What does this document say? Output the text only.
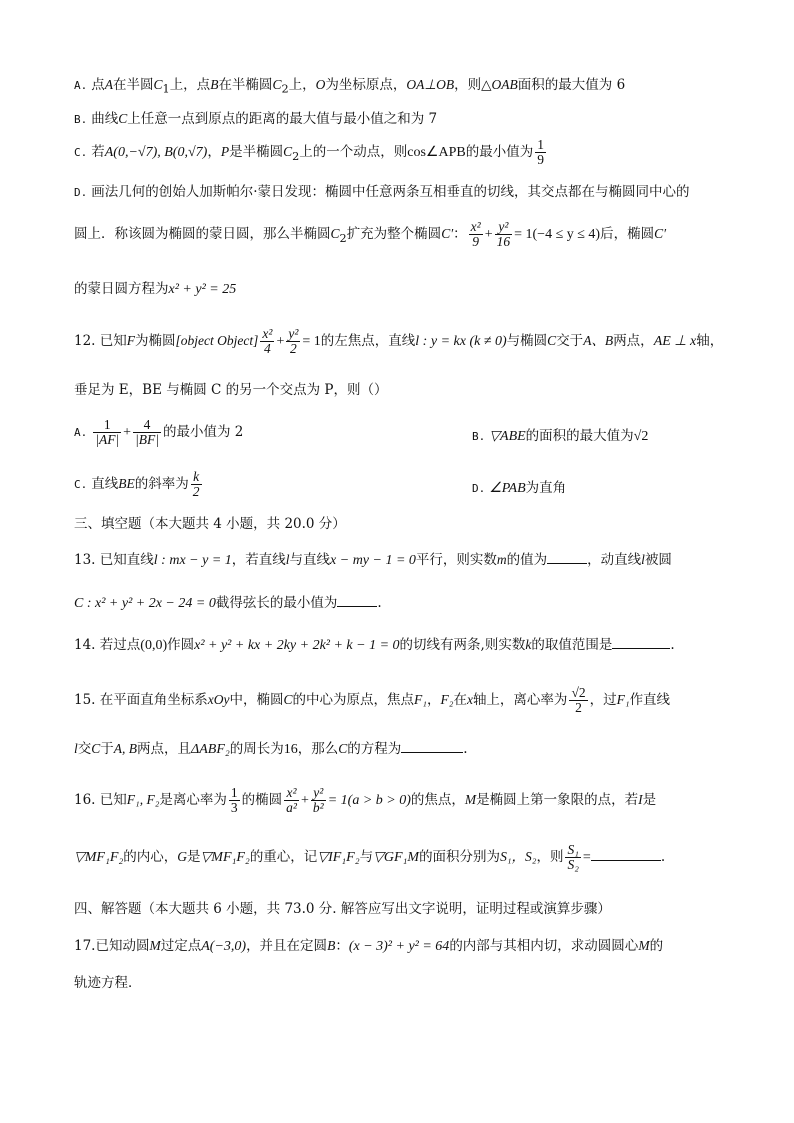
A. 点A在半圆$C_1$上，点B在半椭圆$C_2$上，O为坐标原点，OA⊥OB，则△OAB面积的最大值为 6
B. 曲线C上任意一点到原点的距离的最大值与最小值之和为 7
C. 若A(0,−√7), B(0,√7)，P是半椭圆$C_2$上的一个动点，则cos∠APB的最小值为 $\frac{1}{9}$
D. 画法几何的创始人加斯帕尔·蒙日发现：椭圆中任意两条互相垂直的切线，其交点都在与椭圆同中心的
圆上．称该圆为椭圆的蒙日圆，那么半椭圆$C_2$扩充为整个椭圆C′： $\frac{\text{x²}}{9} + \frac{\text{y²}}{16} = 1(-4 \le y \le 4)$后，椭圆C′
的蒙日圆方程为x² + y² = 25
12. 已知F为椭圆[object Object] $\frac{\text{x²}}{4} + \frac{\text{y²}}{2} = 1$的左焦点，直线l : y = kx (k ≠ 0)与椭圆C交于A、B两点，AE ⊥ x轴，
垂足为 E，BE 与椭圆 C 的另一个交点为 P，则（）
A. $\frac{1}{|AF|} + \frac{4}{|BF|}$ 的最小值为 2	B. ▽ABE的面积的最大值为√2
C. 直线BE的斜率为 $\frac{k}{2}$	D. ∠PAB为直角
三、填空题（本大题共 4 小题，共 20.0 分）
13. 已知直线l : mx − y = 1，若直线l与直线x − my − 1 = 0平行，则实数m的值为	，动直线l被圆
C : x² + y² + 2x − 24 = 0截得弦长的最小值为	.
14. 若过点(0,0)作圆x² + y² + kx + 2ky + 2k² + k − 1 = 0的切线有两条,则实数k的取值范围是	.
15. 在平面直角坐标系xOy中，椭圆C的中心为原点，焦点F₁，F₂在x轴上，离心率为 $\frac{√2}{2}$ ，过F₁作直线
l交C于A, B两点，且ΔABF₂的周长为16，那么C的方程为	.
16. 已知F₁, F₂是离心率为 $\frac{1}{3}$ 的椭圆 $\frac{\text{x²}}{\text{a²}} + \frac{\text{y²}}{\text{b²}} = 1(a > b > 0)$的焦点，M是椭圆上第一象限的点，若I是
▽MF₁F₂的内心，G是▽MF₁F₂的重心，记▽IF₁F₂与▽GF₁M的面积分别为S₁，S₂，则 $\frac{\text{S₁}}{\text{S₂}}$ =	.
四、解答题（本大题共 6 小题，共 73.0 分. 解答应写出文字说明，证明过程或演算步骤）
17.已知动圆M过定点A(−3,0)，并且在定圆B：(x − 3)² + y² = 64的内部与其相内切，求动圆圆心M的
轨迹方程．
